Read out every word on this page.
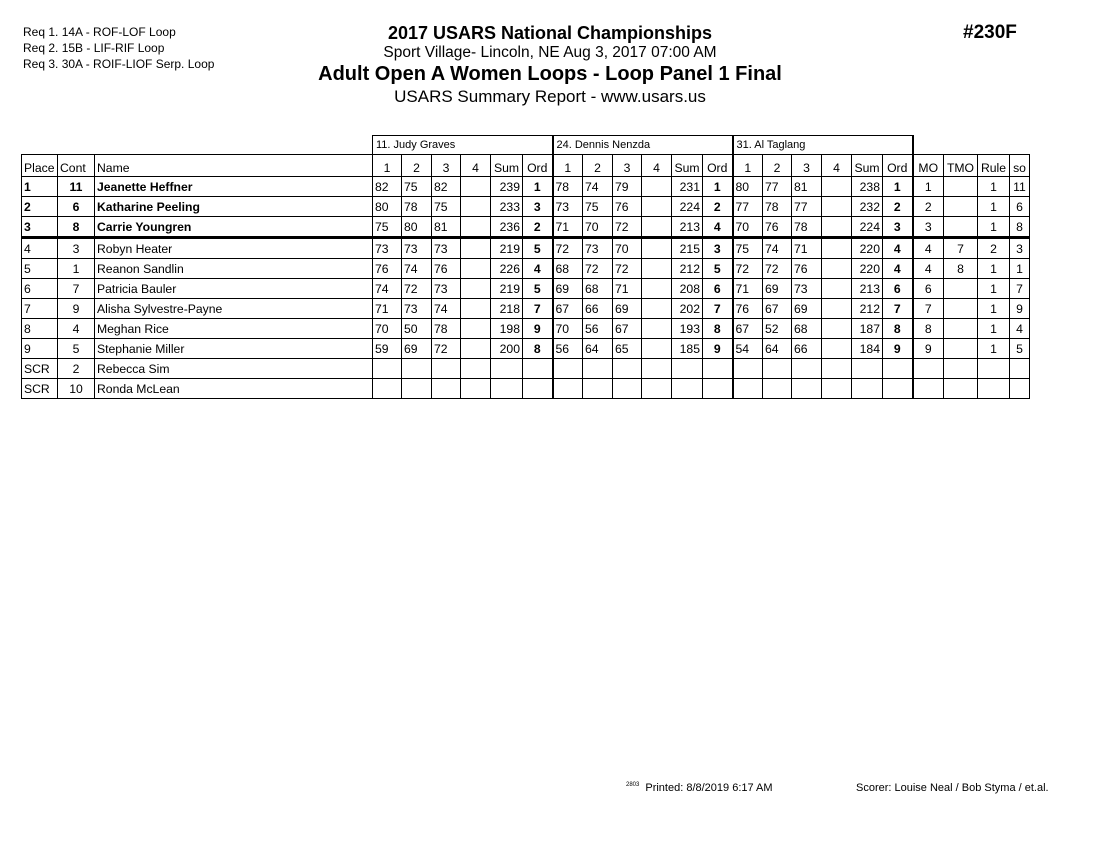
Req 1. 14A - ROF-LOF Loop
Req 2. 15B - LIF-RIF Loop
Req 3. 30A - ROIF-LIOF Serp. Loop
2017 USARS National Championships
Sport Village- Lincoln, NE Aug 3, 2017 07:00 AM
Adult Open A Women Loops - Loop Panel 1 Final
USARS Summary Report - www.usars.us
#230F
			11. Judy Graves						24. Dennis Nenzda						31. Al Taglang									
Place	Cont	Name	1	2	3	4	Sum	Ord	1	2	3	4	Sum	Ord	1	2	3	4	Sum	Ord	MO	TMO	Rule	so
1	11	Jeanette Heffner	82	75	82		239	1	78	74	79		231	1	80	77	81		238	1	1		1	11
2	6	Katharine Peeling	80	78	75		233	3	73	75	76		224	2	77	78	77		232	2	2		1	6
3	8	Carrie Youngren	75	80	81		236	2	71	70	72		213	4	70	76	78		224	3	3		1	8
4	3	Robyn Heater	73	73	73		219	5	72	73	70		215	3	75	74	71		220	4	4	7	2	3
5	1	Reanon Sandlin	76	74	76		226	4	68	72	72		212	5	72	72	76		220	4	4	8	1	1
6	7	Patricia Bauler	74	72	73		219	5	69	68	71		208	6	71	69	73		213	6	6		1	7
7	9	Alisha Sylvestre-Payne	71	73	74		218	7	67	66	69		202	7	76	67	69		212	7	7		1	9
8	4	Meghan Rice	70	50	78		198	9	70	56	67		193	8	67	52	68		187	8	8		1	4
9	5	Stephanie Miller	59	69	72		200	8	56	64	65		185	9	54	64	66		184	9	9		1	5
SCR	2	Rebecca Sim																						
SCR	10	Ronda McLean																						
$^{2803}$ Printed: 8/8/2019 6:17 AM	Scorer: Louise Neal / Bob Styma / et.al.
